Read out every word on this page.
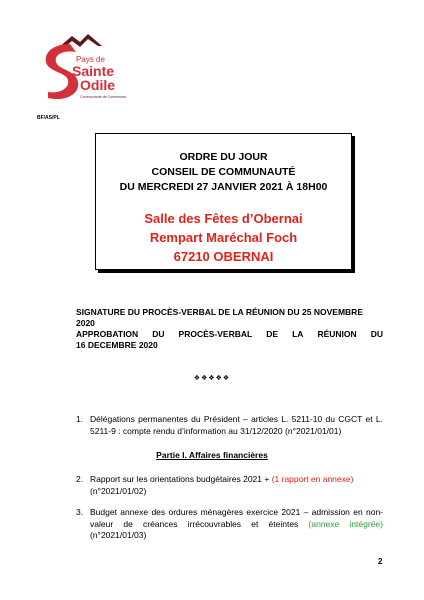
Pays de
Sainte
Odile
Communauté de Communes
BF/AS/PL
ORDRE DU JOUR
CONSEIL DE COMMUNAUTÉ
DU MERCREDI 27 JANVIER 2021 À 18H00
Salle des Fêtes d’Obernai
Rempart Maréchal Foch
67210 OBERNAI
SIGNATURE DU PROCÈS-VERBAL DE LA RÉUNION DU 25 NOVEMBRE 2020
APPROBATION DU PROCÈS-VERBAL DE LA RÉUNION DU
16 DECEMBRE 2020
❖❖❖❖❖
1. Délégations permanentes du Président – articles L. 5211-10 du CGCT et L. 5211-9 : compte rendu d’information au 31/12/2020 (n°2021/01/01)
Partie I. Affaires financières
2. Rapport sur les orientations budgétaires 2021 + (1 rapport en annexe)
(n°2021/01/02)
3. Budget annexe des ordures ménagères exercice 2021 – admission en non-valeur de créances irrécouvrables et éteintes (annexe intégrée) (n°2021/01/03)
2
